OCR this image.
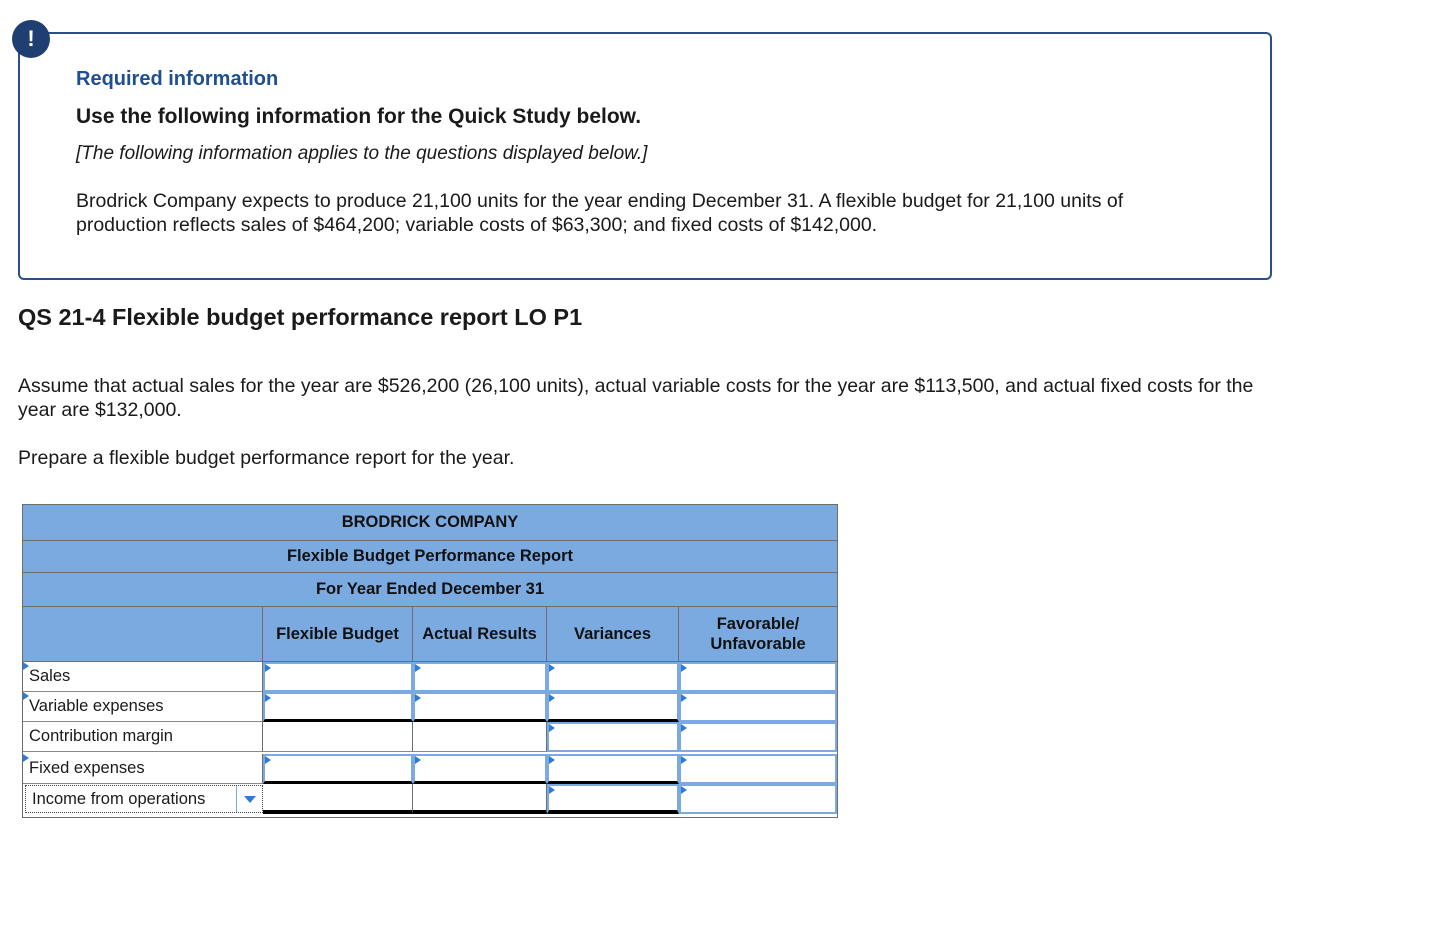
!

Required information

Use the following information for the Quick Study below.

[The following information applies to the questions displayed below.]

Brodrick Company expects to produce 21,100 units for the year ending December 31. A flexible budget for 21,100 units of production reflects sales of $464,200; variable costs of $63,300; and fixed costs of $142,000.

QS 21-4 Flexible budget performance report LO P1

Assume that actual sales for the year are $526,200 (26,100 units), actual variable costs for the year are $113,500, and actual fixed costs for the year are $132,000.

Prepare a flexible budget performance report for the year.

BRODRICK COMPANY
Flexible Budget Performance Report
For Year Ended December 31
Flexible Budget	Actual Results	Variances
Favorable/ Unfavorable
Sales
Variable expenses
Contribution margin
Fixed expenses
Income from operations
